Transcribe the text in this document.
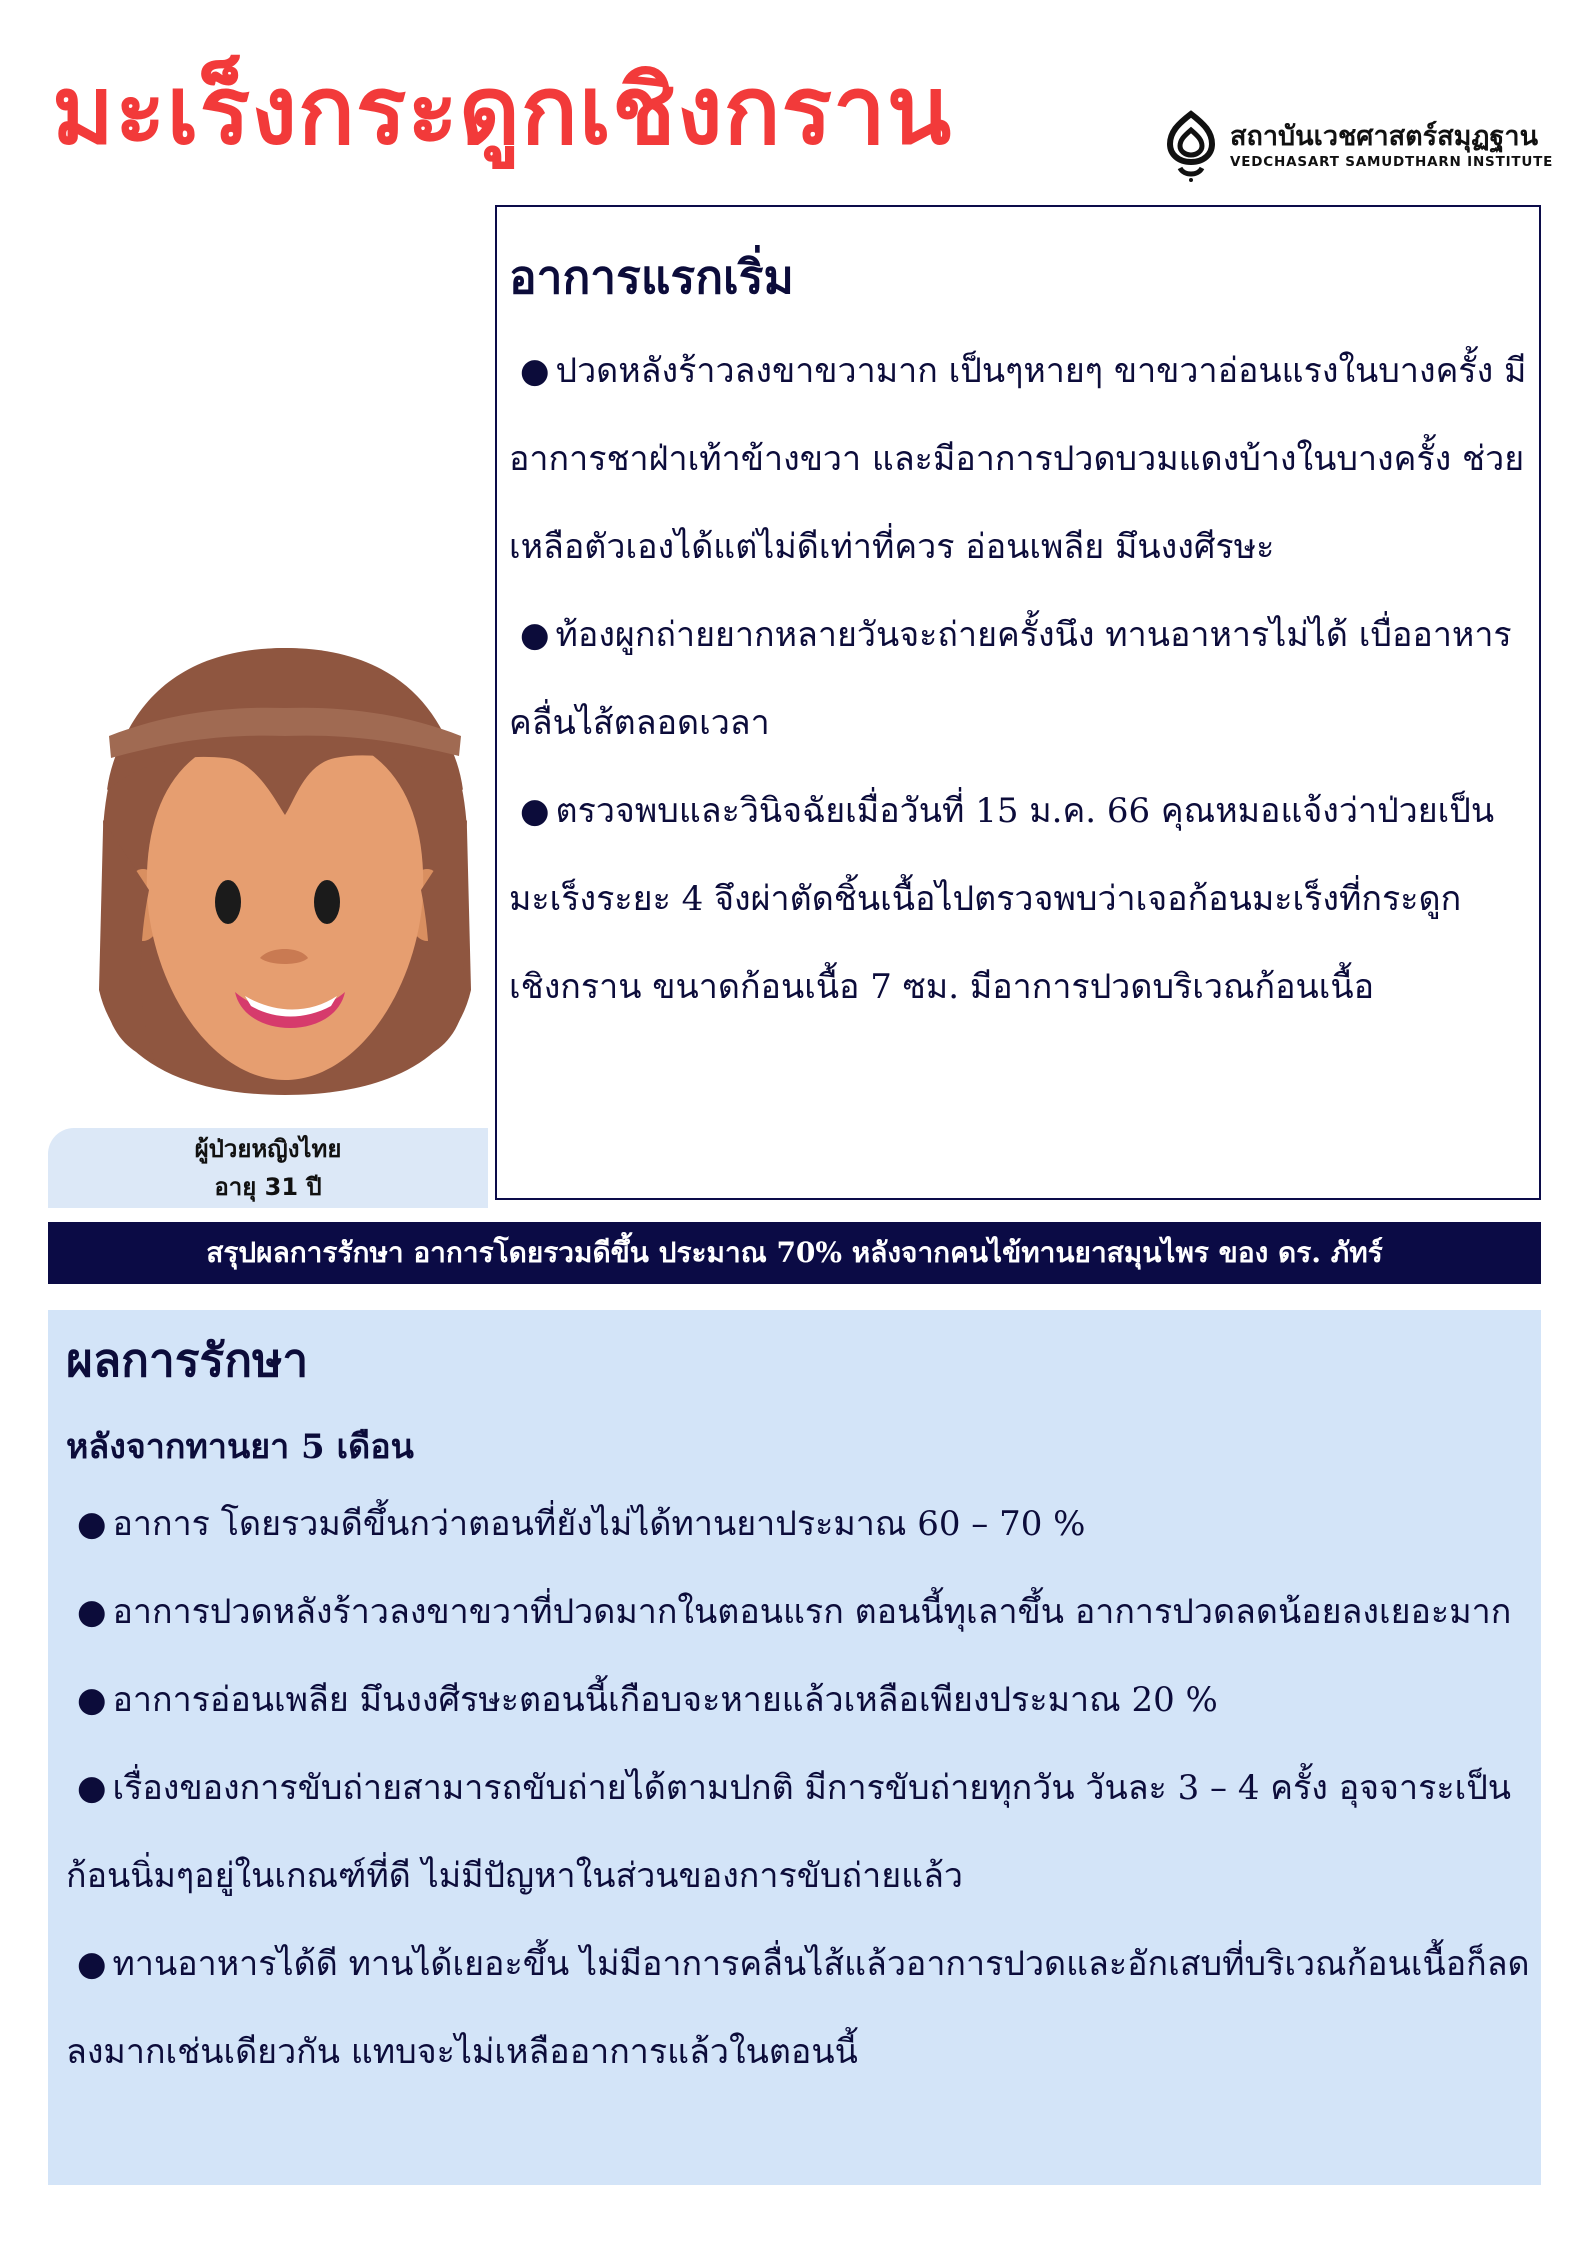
มะเร็งกระดูกเชิงกราน	สถาบันเวชศาสตร์สมุฏฐาน
VEDCHASART SAMUDTHARN INSTITUTE
อาการแรกเริ่ม

● ปวดหลังร้าวลงขาขวามาก เป็นๆหายๆ ขาขวาอ่อนแรงในบางครั้ง มีอาการชาฝ่าเท้าข้างขวา และมีอาการปวดบวมแดงบ้างในบางครั้ง ช่วยเหลือตัวเองได้แต่ไม่ดีเท่าที่ควร อ่อนเพลีย มึนงงศีรษะ

● ท้องผูกถ่ายยากหลายวันจะถ่ายครั้งนึง ทานอาหารไม่ได้ เบื่ออาหาร คลื่นไส้ตลอดเวลา

● ตรวจพบและวินิจฉัยเมื่อวันที่ 15 ม.ค. 66 คุณหมอแจ้งว่าป่วยเป็นมะเร็งระยะ 4 จึงผ่าตัดชิ้นเนื้อไปตรวจพบว่าเจอก้อนมะเร็งที่กระดูกเชิงกราน ขนาดก้อนเนื้อ 7 ซม. มีอาการปวดบริเวณก้อนเนื้อ

ผู้ป่วยหญิงไทย
อายุ 31 ปี
สรุปผลการรักษา อาการโดยรวมดีขึ้น ประมาณ 70% หลังจากคนไข้ทานยาสมุนไพร ของ ดร. ภัทร์
ผลการรักษา
หลังจากทานยา 5 เดือน

● อาการ โดยรวมดีขึ้นกว่าตอนที่ยังไม่ได้ทานยาประมาณ 60 – 70 %

● อาการปวดหลังร้าวลงขาขวาที่ปวดมากในตอนแรก ตอนนี้ทุเลาขึ้น อาการปวดลดน้อยลงเยอะมาก

● อาการอ่อนเพลีย มึนงงศีรษะตอนนี้เกือบจะหายแล้วเหลือเพียงประมาณ 20 %

● เรื่องของการขับถ่ายสามารถขับถ่ายได้ตามปกติ มีการขับถ่ายทุกวัน วันละ 3 – 4 ครั้ง อุจจาระเป็นก้อนนิ่มๆอยู่ในเกณฑ์ที่ดี ไม่มีปัญหาในส่วนของการขับถ่ายแล้ว

● ทานอาหารได้ดี ทานได้เยอะขึ้น ไม่มีอาการคลื่นไส้แล้วอาการปวดและอักเสบที่บริเวณก้อนเนื้อก็ลดลงมากเช่นเดียวกัน แทบจะไม่เหลืออาการแล้วในตอนนี้
